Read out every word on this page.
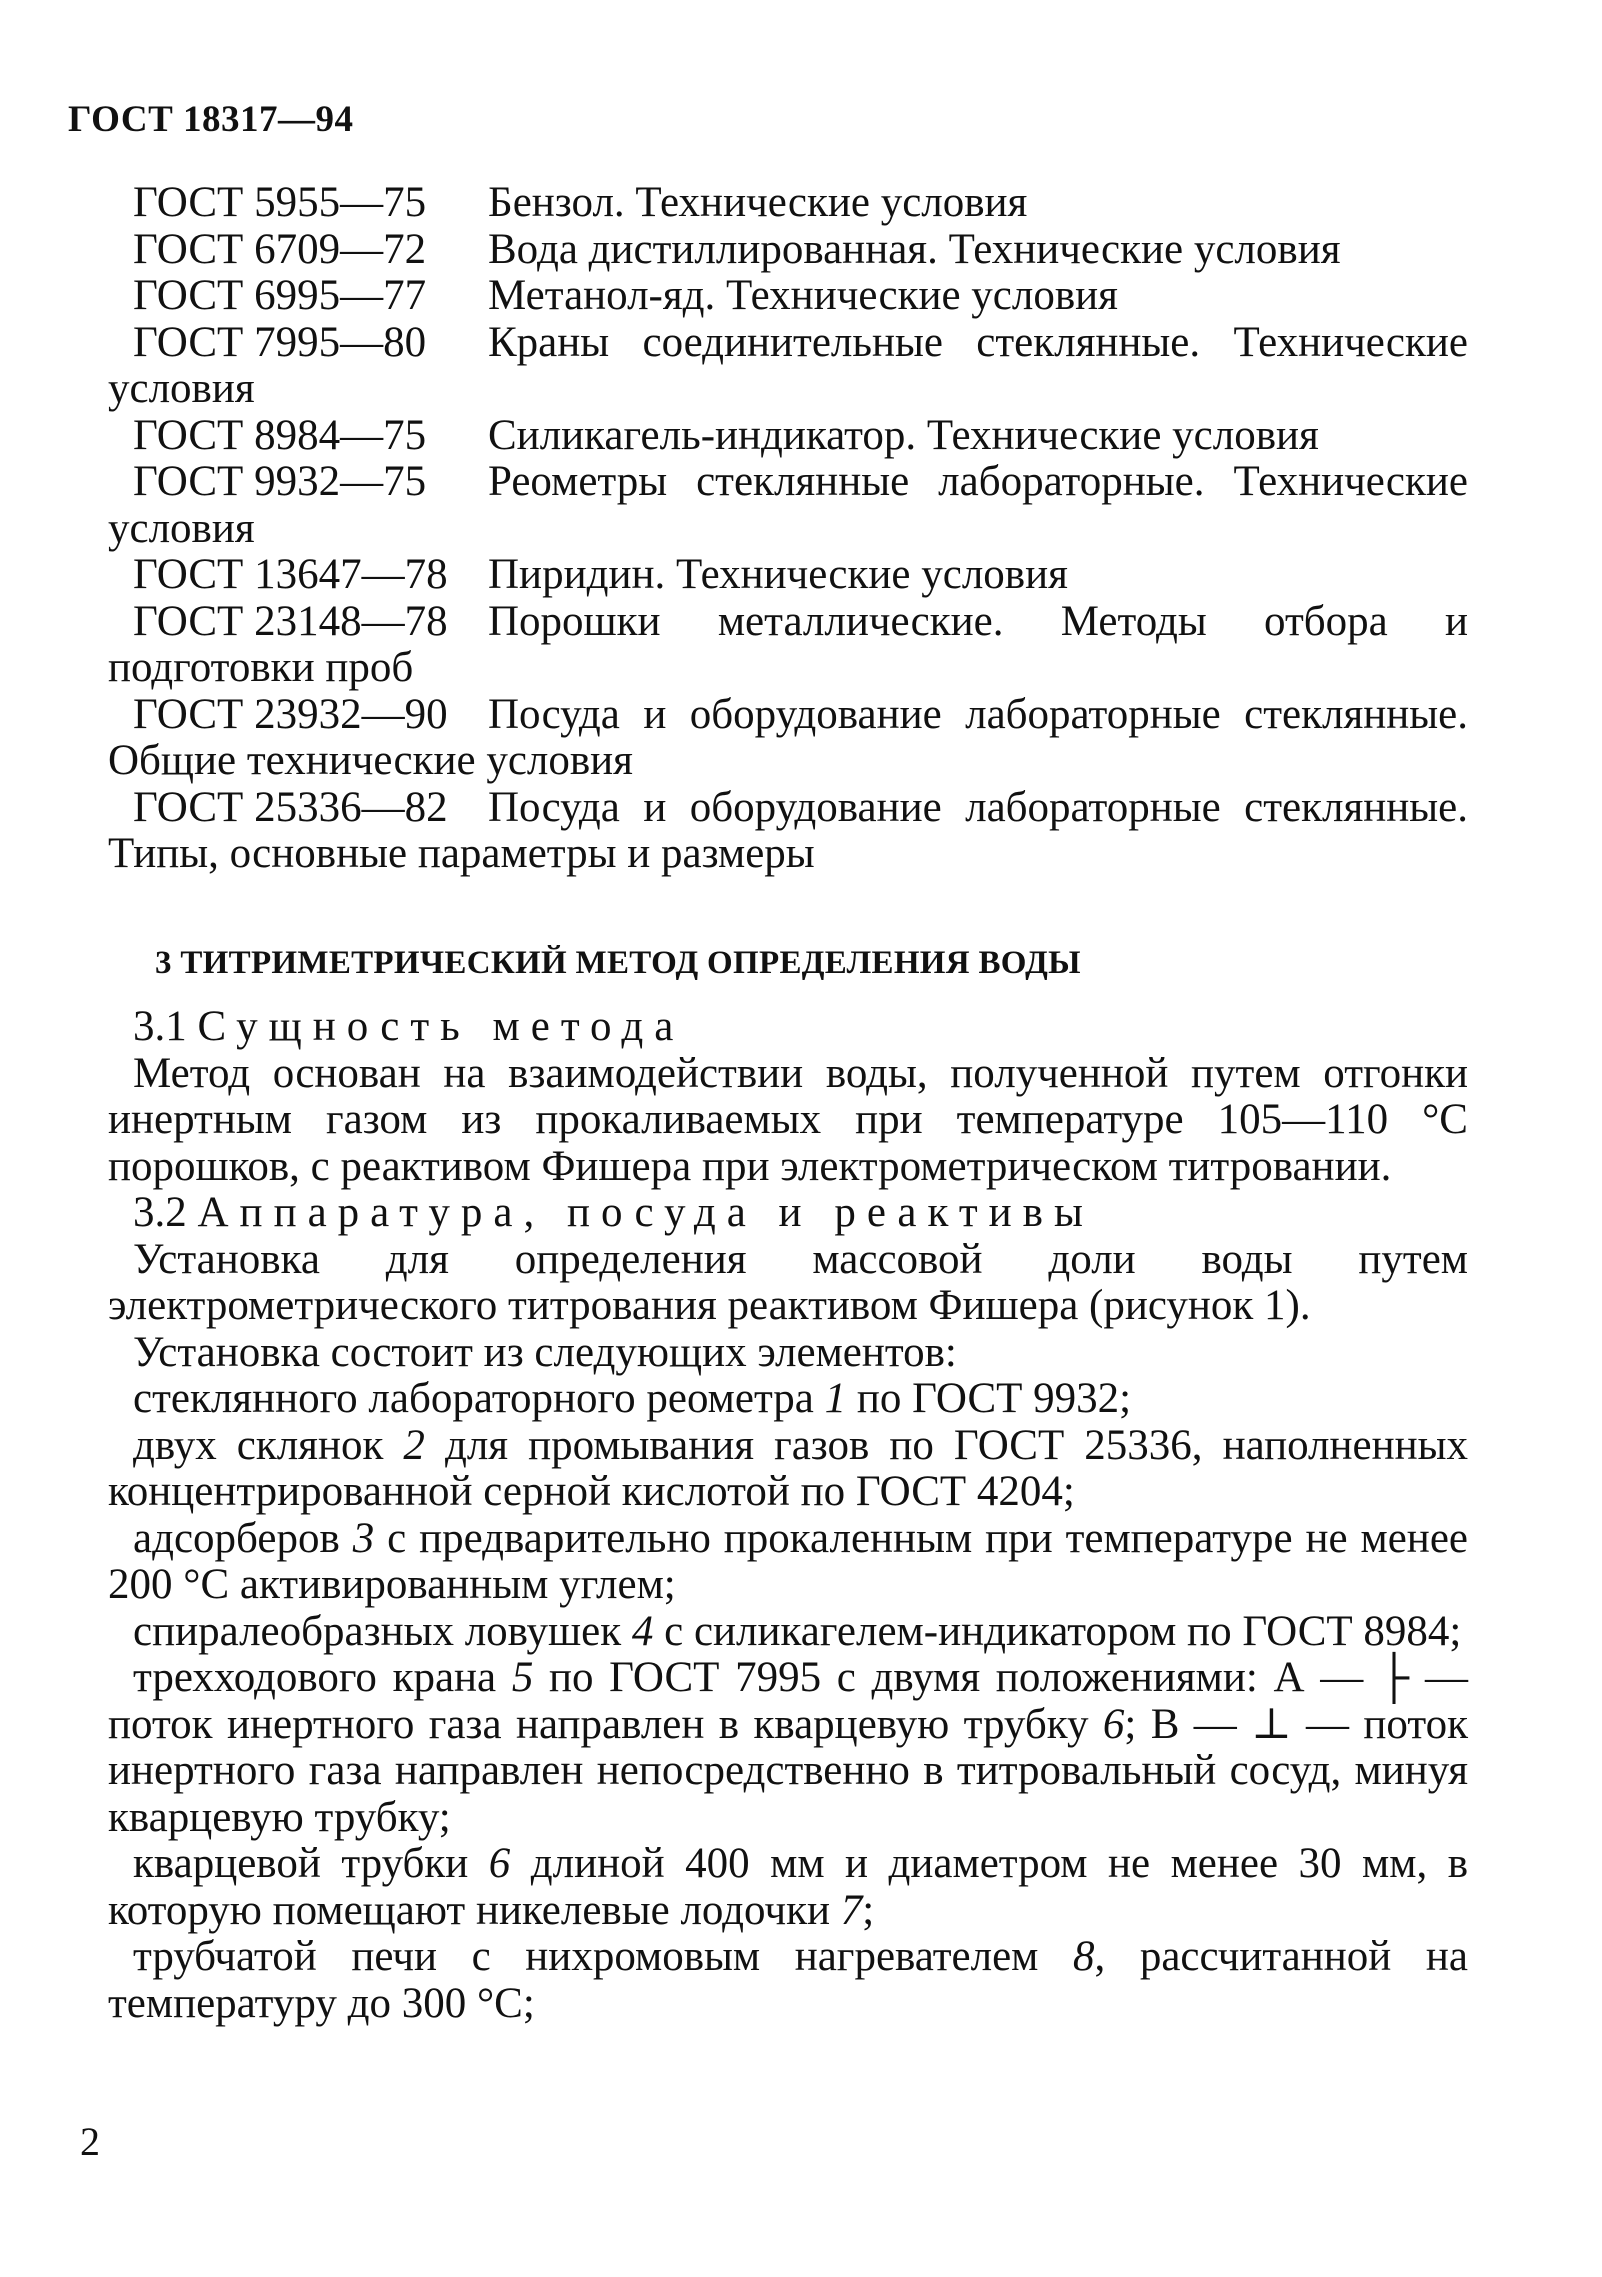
ГОСТ 18317—94

ГОСТ 5955—75 Бензол. Технические условия

ГОСТ 6709—72 Вода дистиллированная. Технические условия

ГОСТ 6995—77 Метанол-яд. Технические условия

ГОСТ 7995—80 Краны соединительные стеклянные. Технические условия

ГОСТ 8984—75 Силикагель-индикатор. Технические условия

ГОСТ 9932—75 Реометры стеклянные лабораторные. Технические условия

ГОСТ 13647—78 Пиридин. Технические условия

ГОСТ 23148—78 Порошки металлические. Методы отбора и подготовки проб

ГОСТ 23932—90 Посуда и оборудование лабораторные стеклянные. Общие технические условия

ГОСТ 25336—82 Посуда и оборудование лабораторные стеклянные. Типы, основные параметры и размеры

3 ТИТРИМЕТРИЧЕСКИЙ МЕТОД ОПРЕДЕЛЕНИЯ ВОДЫ

3.1 Сущность метода

Метод основан на взаимодействии воды, полученной путем отгонки инертным газом из прокаливаемых при температуре 105—110 °С порошков, с реактивом Фишера при электрометрическом титровании.

3.2 Аппаратура, посуда и реактивы

Установка для определения массовой доли воды путем электрометрического титрования реактивом Фишера (рисунок 1).

Установка состоит из следующих элементов:

стеклянного лабораторного реометра 1 по ГОСТ 9932;

двух склянок 2 для промывания газов по ГОСТ 25336, наполненных концентрированной серной кислотой по ГОСТ 4204;

адсорберов 3 с предварительно прокаленным при температуре не менее 200 °С активированным углем;

спиралеобразных ловушек 4 с силикагелем-индикатором по ГОСТ 8984;

трехходового крана 5 по ГОСТ 7995 с двумя положениями: А — ├ — поток инертного газа направлен в кварцевую трубку 6; В — ⊥ — поток инертного газа направлен непосредственно в титровальный сосуд, минуя кварцевую трубку;

кварцевой трубки 6 длиной 400 мм и диаметром не менее 30 мм, в которую помещают никелевые лодочки 7;

трубчатой печи с нихромовым нагревателем 8, рассчитанной на температуру до 300 °С;

2
